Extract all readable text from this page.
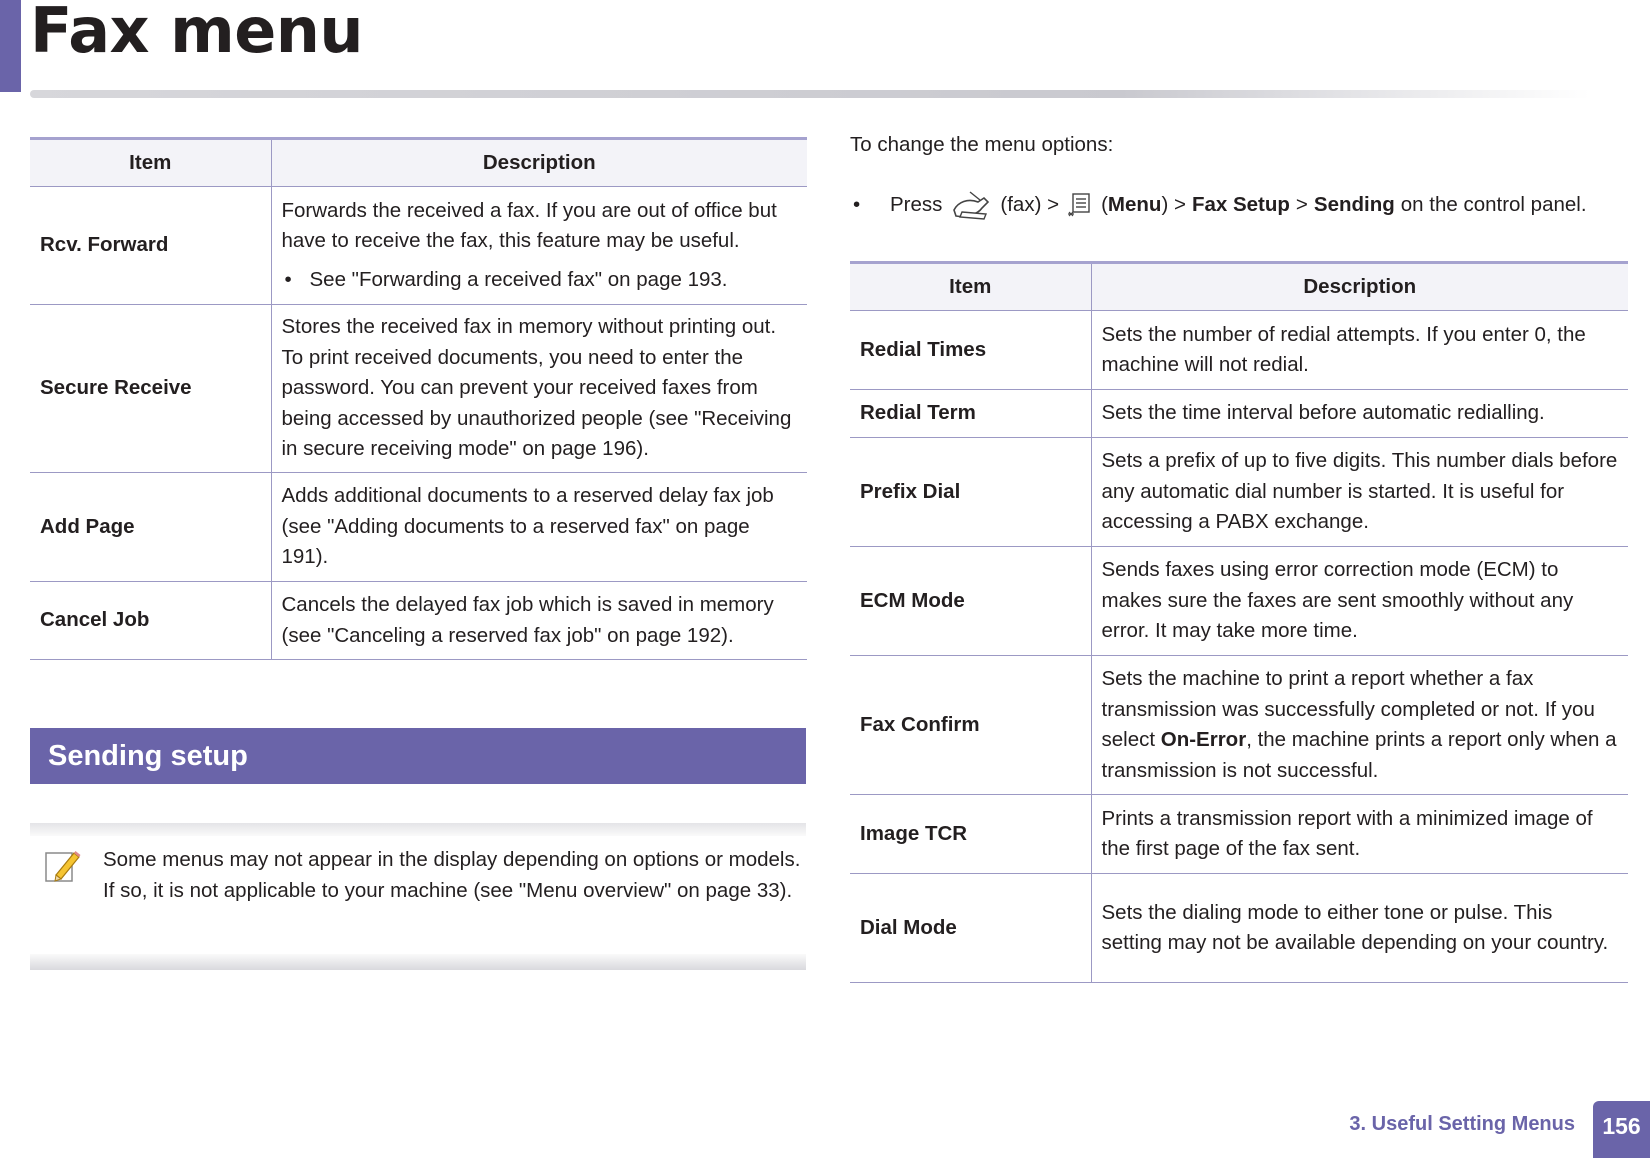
Fax menu
Item	Description
Rcv. Forward	Forwards the received a fax. If you are out of office but have to receive the fax, this feature may be useful.
• See "Forwarding a received fax" on page 193.

Secure Receive	Stores the received fax in memory without printing out. To print received documents, you need to enter the password. You can prevent your received faxes from being accessed by unauthorized people (see "Receiving in secure receiving mode" on page 196).
Add Page	Adds additional documents to a reserved delay fax job (see "Adding documents to a reserved fax" on page 191).
Cancel Job	Cancels the delayed fax job which is saved in memory (see "Canceling a reserved fax job" on page 192).
Sending setup
Some menus may not appear in the display depending on options or models. If so, it is not applicable to your machine (see "Menu overview" on page 33).
To change the menu options:
•	Press	(fax) > ( Menu ) > Fax Setup > Sending on the control panel.
Item	Description
Redial Times	Sets the number of redial attempts. If you enter 0, the machine will not redial.
Redial Term	Sets the time interval before automatic redialling.
Prefix Dial	Sets a prefix of up to five digits. This number dials before any automatic dial number is started. It is useful for accessing a PABX exchange.
ECM Mode	Sends faxes using error correction mode (ECM) to makes sure the faxes are sent smoothly without any error. It may take more time.
Fax Confirm	Sets the machine to print a report whether a fax transmission was successfully completed or not. If you select On-Error, the machine prints a report only when a transmission is not successful.
Image TCR	Prints a transmission report with a minimized image of the first page of the fax sent.
Dial Mode	Sets the dialing mode to either tone or pulse. This setting may not be available depending on your country.
3. Useful Setting Menus	156
